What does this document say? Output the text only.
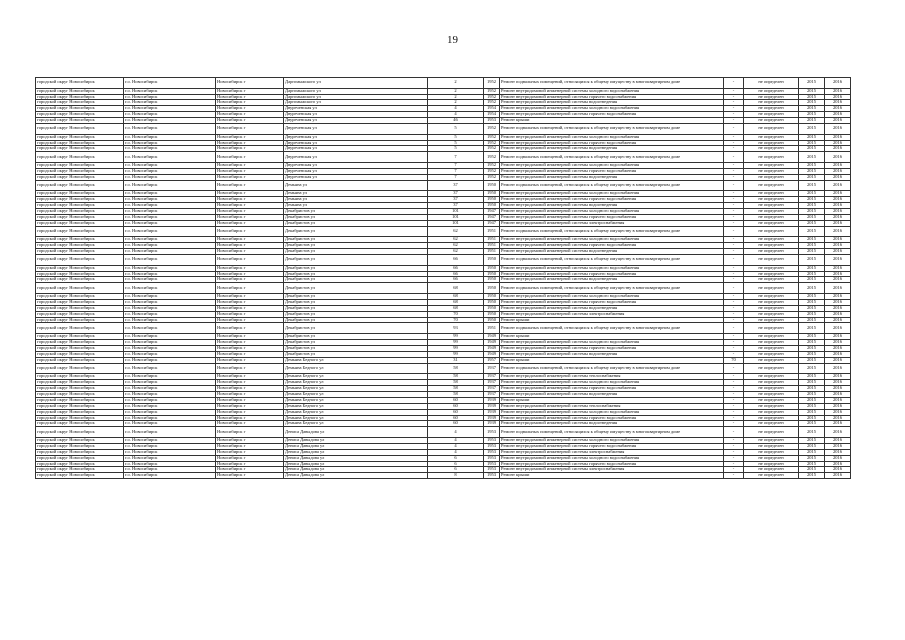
19
городской округ Новосибирск	г.о. Новосибирск	Новосибирск г	Даргомыжского ул	2	1952	Ремонт подвальных помещений, относящихся к общему имуществу в многоквартирном доме	-	не определен	2015	2016
городской округ Новосибирск	г.о. Новосибирск	Новосибирск г	Даргомыжского ул	2	1952	Ремонт внутридомовой инженерной системы холодного водоснабжения	-	не определен	2015	2016
городской округ Новосибирск	г.о. Новосибирск	Новосибирск г	Даргомыжского ул	2	1952	Ремонт внутридомовой инженерной системы горячего водоснабжения	-	не определен	2015	2016
городской округ Новосибирск	г.о. Новосибирск	Новосибирск г	Даргомыжского ул	2	1952	Ремонт внутридомовой инженерной системы водоотведения	-	не определен	2015	2016
городской округ Новосибирск	г.о. Новосибирск	Новосибирск г	Двуреченская ул	4	1954	Ремонт внутридомовой инженерной системы холодного водоснабжения	-	не определен	2015	2016
городской округ Новосибирск	г.о. Новосибирск	Новосибирск г	Двуреченская ул	4	1954	Ремонт внутридомовой инженерной системы горячего водоснабжения	-	не определен	2015	2016
городской округ Новосибирск	г.о. Новосибирск	Новосибирск г	Двуреченская ул	46	1953	Ремонт крыши	-	не определен	2015	2016
городской округ Новосибирск	г.о. Новосибирск	Новосибирск г	Двуреченская ул	5	1952	Ремонт подвальных помещений, относящихся к общему имуществу в многоквартирном доме	-	не определен	2015	2016
городской округ Новосибирск	г.о. Новосибирск	Новосибирск г	Двуреченская ул	5	1952	Ремонт внутридомовой инженерной системы холодного водоснабжения	-	не определен	2015	2016
городской округ Новосибирск	г.о. Новосибирск	Новосибирск г	Двуреченская ул	5	1952	Ремонт внутридомовой инженерной системы горячего водоснабжения	-	не определен	2015	2016
городской округ Новосибирск	г.о. Новосибирск	Новосибирск г	Двуреченская ул	5	1952	Ремонт внутридомовой инженерной системы водоотведения	-	не определен	2015	2016
городской округ Новосибирск	г.о. Новосибирск	Новосибирск г	Двуреченская ул	7	1952	Ремонт подвальных помещений, относящихся к общему имуществу в многоквартирном доме	-	не определен	2015	2016
городской округ Новосибирск	г.о. Новосибирск	Новосибирск г	Двуреченская ул	7	1952	Ремонт внутридомовой инженерной системы холодного водоснабжения	-	не определен	2015	2016
городской округ Новосибирск	г.о. Новосибирск	Новосибирск г	Двуреченская ул	7	1952	Ремонт внутридомовой инженерной системы горячего водоснабжения	-	не определен	2015	2016
городской округ Новосибирск	г.о. Новосибирск	Новосибирск г	Двуреченская ул	7	1952	Ремонт внутридомовой инженерной системы водоотведения	-	не определен	2015	2016
городской округ Новосибирск	г.о. Новосибирск	Новосибирск г	Демьяна ул	37	1950	Ремонт подвальных помещений, относящихся к общему имуществу в многоквартирном доме	-	не определен	2015	2016
городской округ Новосибирск	г.о. Новосибирск	Новосибирск г	Демьяна ул	37	1950	Ремонт внутридомовой инженерной системы холодного водоснабжения	-	не определен	2015	2016
городской округ Новосибирск	г.о. Новосибирск	Новосибирск г	Демьяна ул	37	1950	Ремонт внутридомовой инженерной системы горячего водоснабжения	-	не определен	2015	2016
городской округ Новосибирск	г.о. Новосибирск	Новосибирск г	Демьяна ул	37	1950	Ремонт внутридомовой инженерной системы водоотведения	-	не определен	2015	2016
городской округ Новосибирск	г.о. Новосибирск	Новосибирск г	Декабристов ул	101	1947	Ремонт внутридомовой инженерной системы холодного водоснабжения	-	не определен	2015	2016
городской округ Новосибирск	г.о. Новосибирск	Новосибирск г	Декабристов ул	101	1947	Ремонт внутридомовой инженерной системы горячего водоснабжения	-	не определен	2015	2016
городской округ Новосибирск	г.о. Новосибирск	Новосибирск г	Декабристов ул	101	1947	Ремонт внутридомовой инженерной системы электроснабжения	-	не определен	2015	2016
городской округ Новосибирск	г.о. Новосибирск	Новосибирск г	Декабристов ул	62	1951	Ремонт подвальных помещений, относящихся к общему имуществу в многоквартирном доме	-	не определен	2015	2016
городской округ Новосибирск	г.о. Новосибирск	Новосибирск г	Декабристов ул	62	1951	Ремонт внутридомовой инженерной системы холодного водоснабжения	-	не определен	2015	2016
городской округ Новосибирск	г.о. Новосибирск	Новосибирск г	Декабристов ул	62	1951	Ремонт внутридомовой инженерной системы горячего водоснабжения	-	не определен	2015	2016
городской округ Новосибирск	г.о. Новосибирск	Новосибирск г	Декабристов ул	62	1951	Ремонт внутридомовой инженерной системы водоотведения	-	не определен	2015	2016
городской округ Новосибирск	г.о. Новосибирск	Новосибирск г	Декабристов ул	66	1950	Ремонт подвальных помещений, относящихся к общему имуществу в многоквартирном доме	-	не определен	2015	2016
городской округ Новосибирск	г.о. Новосибирск	Новосибирск г	Декабристов ул	66	1950	Ремонт внутридомовой инженерной системы холодного водоснабжения	-	не определен	2015	2016
городской округ Новосибирск	г.о. Новосибирск	Новосибирск г	Декабристов ул	66	1950	Ремонт внутридомовой инженерной системы горячего водоснабжения	-	не определен	2015	2016
городской округ Новосибирск	г.о. Новосибирск	Новосибирск г	Декабристов ул	66	1950	Ремонт внутридомовой инженерной системы водоотведения	-	не определен	2015	2016
городской округ Новосибирск	г.о. Новосибирск	Новосибирск г	Декабристов ул	68	1950	Ремонт подвальных помещений, относящихся к общему имуществу в многоквартирном доме	-	не определен	2015	2016
городской округ Новосибирск	г.о. Новосибирск	Новосибирск г	Декабристов ул	68	1950	Ремонт внутридомовой инженерной системы холодного водоснабжения	-	не определен	2015	2016
городской округ Новосибирск	г.о. Новосибирск	Новосибирск г	Декабристов ул	68	1950	Ремонт внутридомовой инженерной системы горячего водоснабжения	-	не определен	2015	2016
городской округ Новосибирск	г.о. Новосибирск	Новосибирск г	Декабристов ул	68	1950	Ремонт внутридомовой инженерной системы водоотведения	-	не определен	2015	2016
городской округ Новосибирск	г.о. Новосибирск	Новосибирск г	Декабристов ул	70	1950	Ремонт внутридомовой инженерной системы электроснабжения	-	не определен	2015	2016
городской округ Новосибирск	г.о. Новосибирск	Новосибирск г	Декабристов ул	70	1950	Ремонт крыши	-	не определен	2015	2016
городской округ Новосибирск	г.о. Новосибирск	Новосибирск г	Декабристов ул	93	1951	Ремонт подвальных помещений, относящихся к общему имуществу в многоквартирном доме	-	не определен	2015	2016
городской округ Новосибирск	г.о. Новосибирск	Новосибирск г	Декабристов ул	99	1949	Ремонт крыши	-	не определен	2015	2016
городской округ Новосибирск	г.о. Новосибирск	Новосибирск г	Декабристов ул	99	1949	Ремонт внутридомовой инженерной системы холодного водоснабжения	-	не определен	2015	2016
городской округ Новосибирск	г.о. Новосибирск	Новосибирск г	Декабристов ул	99	1949	Ремонт внутридомовой инженерной системы горячего водоснабжения	-	не определен	2015	2016
городской округ Новосибирск	г.о. Новосибирск	Новосибирск г	Декабристов ул	99	1949	Ремонт внутридомовой инженерной системы водоотведения	-	не определен	2015	2016
городской округ Новосибирск	г.о. Новосибирск	Новосибирск г	Демьяна Бедного ул	31	1957	Ремонт крыши	70	не определен	2015	2016
городской округ Новосибирск	г.о. Новосибирск	Новосибирск г	Демьяна Бедного ул	58	1937	Ремонт подвальных помещений, относящихся к общему имуществу в многоквартирном доме	-	не определен	2015	2016
городской округ Новосибирск	г.о. Новосибирск	Новосибирск г	Демьяна Бедного ул	58	1937	Ремонт внутридомовой инженерной системы теплоснабжения	-	не определен	2015	2016
городской округ Новосибирск	г.о. Новосибирск	Новосибирск г	Демьяна Бедного ул	58	1937	Ремонт внутридомовой инженерной системы холодного водоснабжения	-	не определен	2015	2016
городской округ Новосибирск	г.о. Новосибирск	Новосибирск г	Демьяна Бедного ул	58	1937	Ремонт внутридомовой инженерной системы горячего водоснабжения	-	не определен	2015	2016
городской округ Новосибирск	г.о. Новосибирск	Новосибирск г	Демьяна Бедного ул	58	1937	Ремонт внутридомовой инженерной системы водоотведения	-	не определен	2015	2016
городской округ Новосибирск	г.о. Новосибирск	Новосибирск г	Демьяна Бедного ул	60	1939	Ремонт крыши	-	не определен	2015	2016
городской округ Новосибирск	г.о. Новосибирск	Новосибирск г	Демьяна Бедного ул	60	1939	Ремонт внутридомовой инженерной системы теплоснабжения	-	не определен	2015	2016
городской округ Новосибирск	г.о. Новосибирск	Новосибирск г	Демьяна Бедного ул	60	1939	Ремонт внутридомовой инженерной системы холодного водоснабжения	-	не определен	2015	2016
городской округ Новосибирск	г.о. Новосибирск	Новосибирск г	Демьяна Бедного ул	60	1939	Ремонт внутридомовой инженерной системы горячего водоснабжения	-	не определен	2015	2016
городской округ Новосибирск	г.о. Новосибирск	Новосибирск г	Демьяна Бедного ул	60	1939	Ремонт внутридомовой инженерной системы водоотведения	-	не определен	2015	2016
городской округ Новосибирск	г.о. Новосибирск	Новосибирск г	Дениса Давыдова ул	4	1953	Ремонт подвальных помещений, относящихся к общему имуществу в многоквартирном доме	-	не определен	2015	2016
городской округ Новосибирск	г.о. Новосибирск	Новосибирск г	Дениса Давыдова ул	4	1953	Ремонт внутридомовой инженерной системы холодного водоснабжения	-	не определен	2015	2016
городской округ Новосибирск	г.о. Новосибирск	Новосибирск г	Дениса Давыдова ул	4	1953	Ремонт внутридомовой инженерной системы горячего водоснабжения	-	не определен	2015	2016
городской округ Новосибирск	г.о. Новосибирск	Новосибирск г	Дениса Давыдова ул	4	1953	Ремонт внутридомовой инженерной системы электроснабжения	-	не определен	2015	2016
городской округ Новосибирск	г.о. Новосибирск	Новосибирск г	Дениса Давыдова ул	6	1953	Ремонт внутридомовой инженерной системы холодного водоснабжения	-	не определен	2015	2016
городской округ Новосибирск	г.о. Новосибирск	Новосибирск г	Дениса Давыдова ул	6	1953	Ремонт внутридомовой инженерной системы горячего водоснабжения	-	не определен	2015	2016
городской округ Новосибирск	г.о. Новосибирск	Новосибирск г	Дениса Давыдова ул	6	1953	Ремонт внутридомовой инженерной системы электроснабжения	-	не определен	2015	2016
городской округ Новосибирск	г.о. Новосибирск	Новосибирск г	Дениса Давыдова ул	8	1953	Ремонт крыши	-	не определен	2015	2016
